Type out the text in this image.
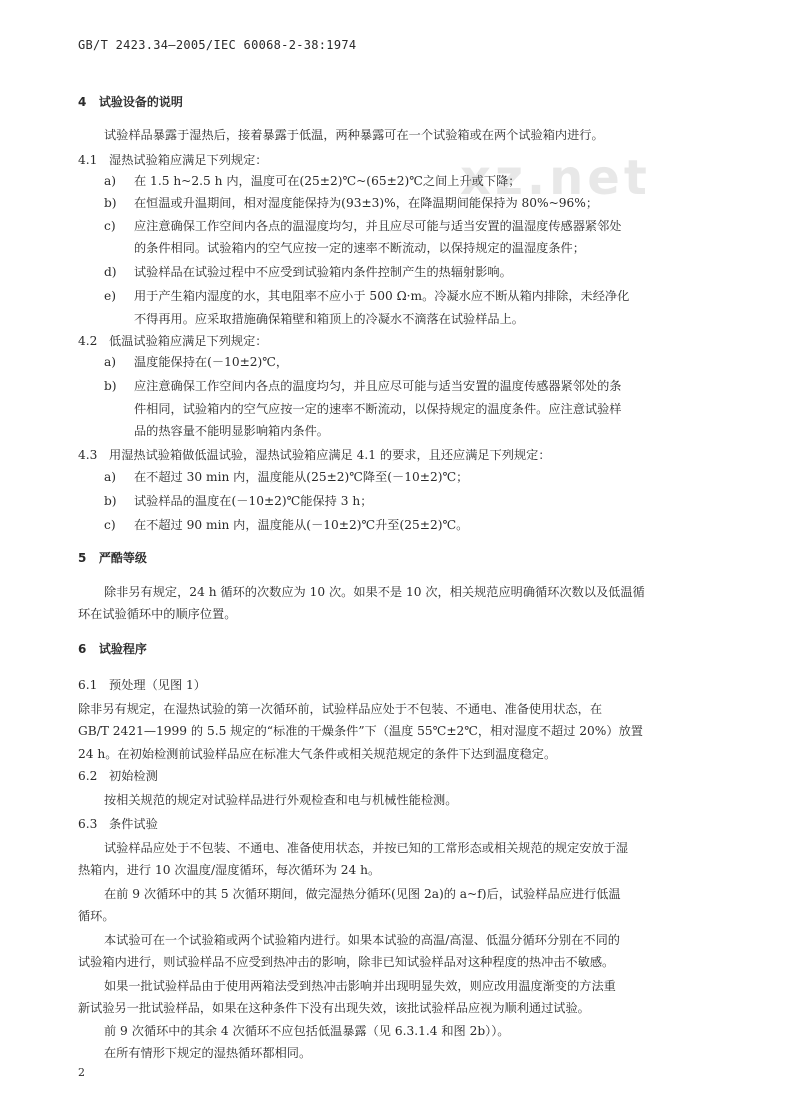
GB/T 2423.34—2005/IEC 60068-2-38:1974
xz.net
4 试验设备的说明
试验样品暴露于湿热后，接着暴露于低温，两种暴露可在一个试验箱或在两个试验箱内进行。
4.1 湿热试验箱应满足下列规定：
a) 在 1.5 h~2.5 h 内，温度可在(25±2)℃~(65±2)℃之间上升或下降；
b) 在恒温或升温期间，相对湿度能保持为(93±3)%，在降温期间能保持为 80%~96%；
c) 应注意确保工作空间内各点的温湿度均匀，并且应尽可能与适当安置的温湿度传感器紧邻处
的条件相同。试验箱内的空气应按一定的速率不断流动，以保持规定的温湿度条件；
d) 试验样品在试验过程中不应受到试验箱内条件控制产生的热辐射影响。
e) 用于产生箱内湿度的水，其电阻率不应小于 500 Ω·m。冷凝水应不断从箱内排除，未经净化
不得再用。应采取措施确保箱壁和箱顶上的冷凝水不滴落在试验样品上。
4.2 低温试验箱应满足下列规定：
a) 温度能保持在(－10±2)℃，
b) 应注意确保工作空间内各点的温度均匀，并且应尽可能与适当安置的温度传感器紧邻处的条
件相同，试验箱内的空气应按一定的速率不断流动，以保持规定的温度条件。应注意试验样
品的热容量不能明显影响箱内条件。
4.3 用湿热试验箱做低温试验，湿热试验箱应满足 4.1 的要求，且还应满足下列规定：
a) 在不超过 30 min 内，温度能从(25±2)℃降至(－10±2)℃；
b) 试验样品的温度在(－10±2)℃能保持 3 h；
c) 在不超过 90 min 内，温度能从(－10±2)℃升至(25±2)℃。
5 严酷等级
除非另有规定，24 h 循环的次数应为 10 次。如果不是 10 次，相关规范应明确循环次数以及低温循
环在试验循环中的顺序位置。
6 试验程序
6.1 预处理（见图 1）
除非另有规定，在湿热试验的第一次循环前，试验样品应处于不包装、不通电、准备使用状态，在
GB/T 2421—1999 的 5.5 规定的“标准的干燥条件”下（温度 55℃±2℃，相对湿度不超过 20%）放置
24 h。在初始检测前试验样品应在标准大气条件或相关规范规定的条件下达到温度稳定。
6.2 初始检测
按相关规范的规定对试验样品进行外观检查和电与机械性能检测。
6.3 条件试验
试验样品应处于不包装、不通电、准备使用状态，并按已知的工常形态或相关规范的规定安放于湿
热箱内，进行 10 次温度/湿度循环，每次循环为 24 h。
在前 9 次循环中的其 5 次循环期间，做完湿热分循环(见图 2a)的 a~f)后，试验样品应进行低温
循环。
本试验可在一个试验箱或两个试验箱内进行。如果本试验的高温/高湿、低温分循环分别在不同的
试验箱内进行，则试验样品不应受到热冲击的影响，除非已知试验样品对这种程度的热冲击不敏感。
如果一批试验样品由于使用两箱法受到热冲击影响并出现明显失效，则应改用温度渐变的方法重
新试验另一批试验样品，如果在这种条件下没有出现失效，该批试验样品应视为顺利通过试验。
前 9 次循环中的其余 4 次循环不应包括低温暴露（见 6.3.1.4 和图 2b））。
在所有情形下规定的湿热循环都相同。
2
